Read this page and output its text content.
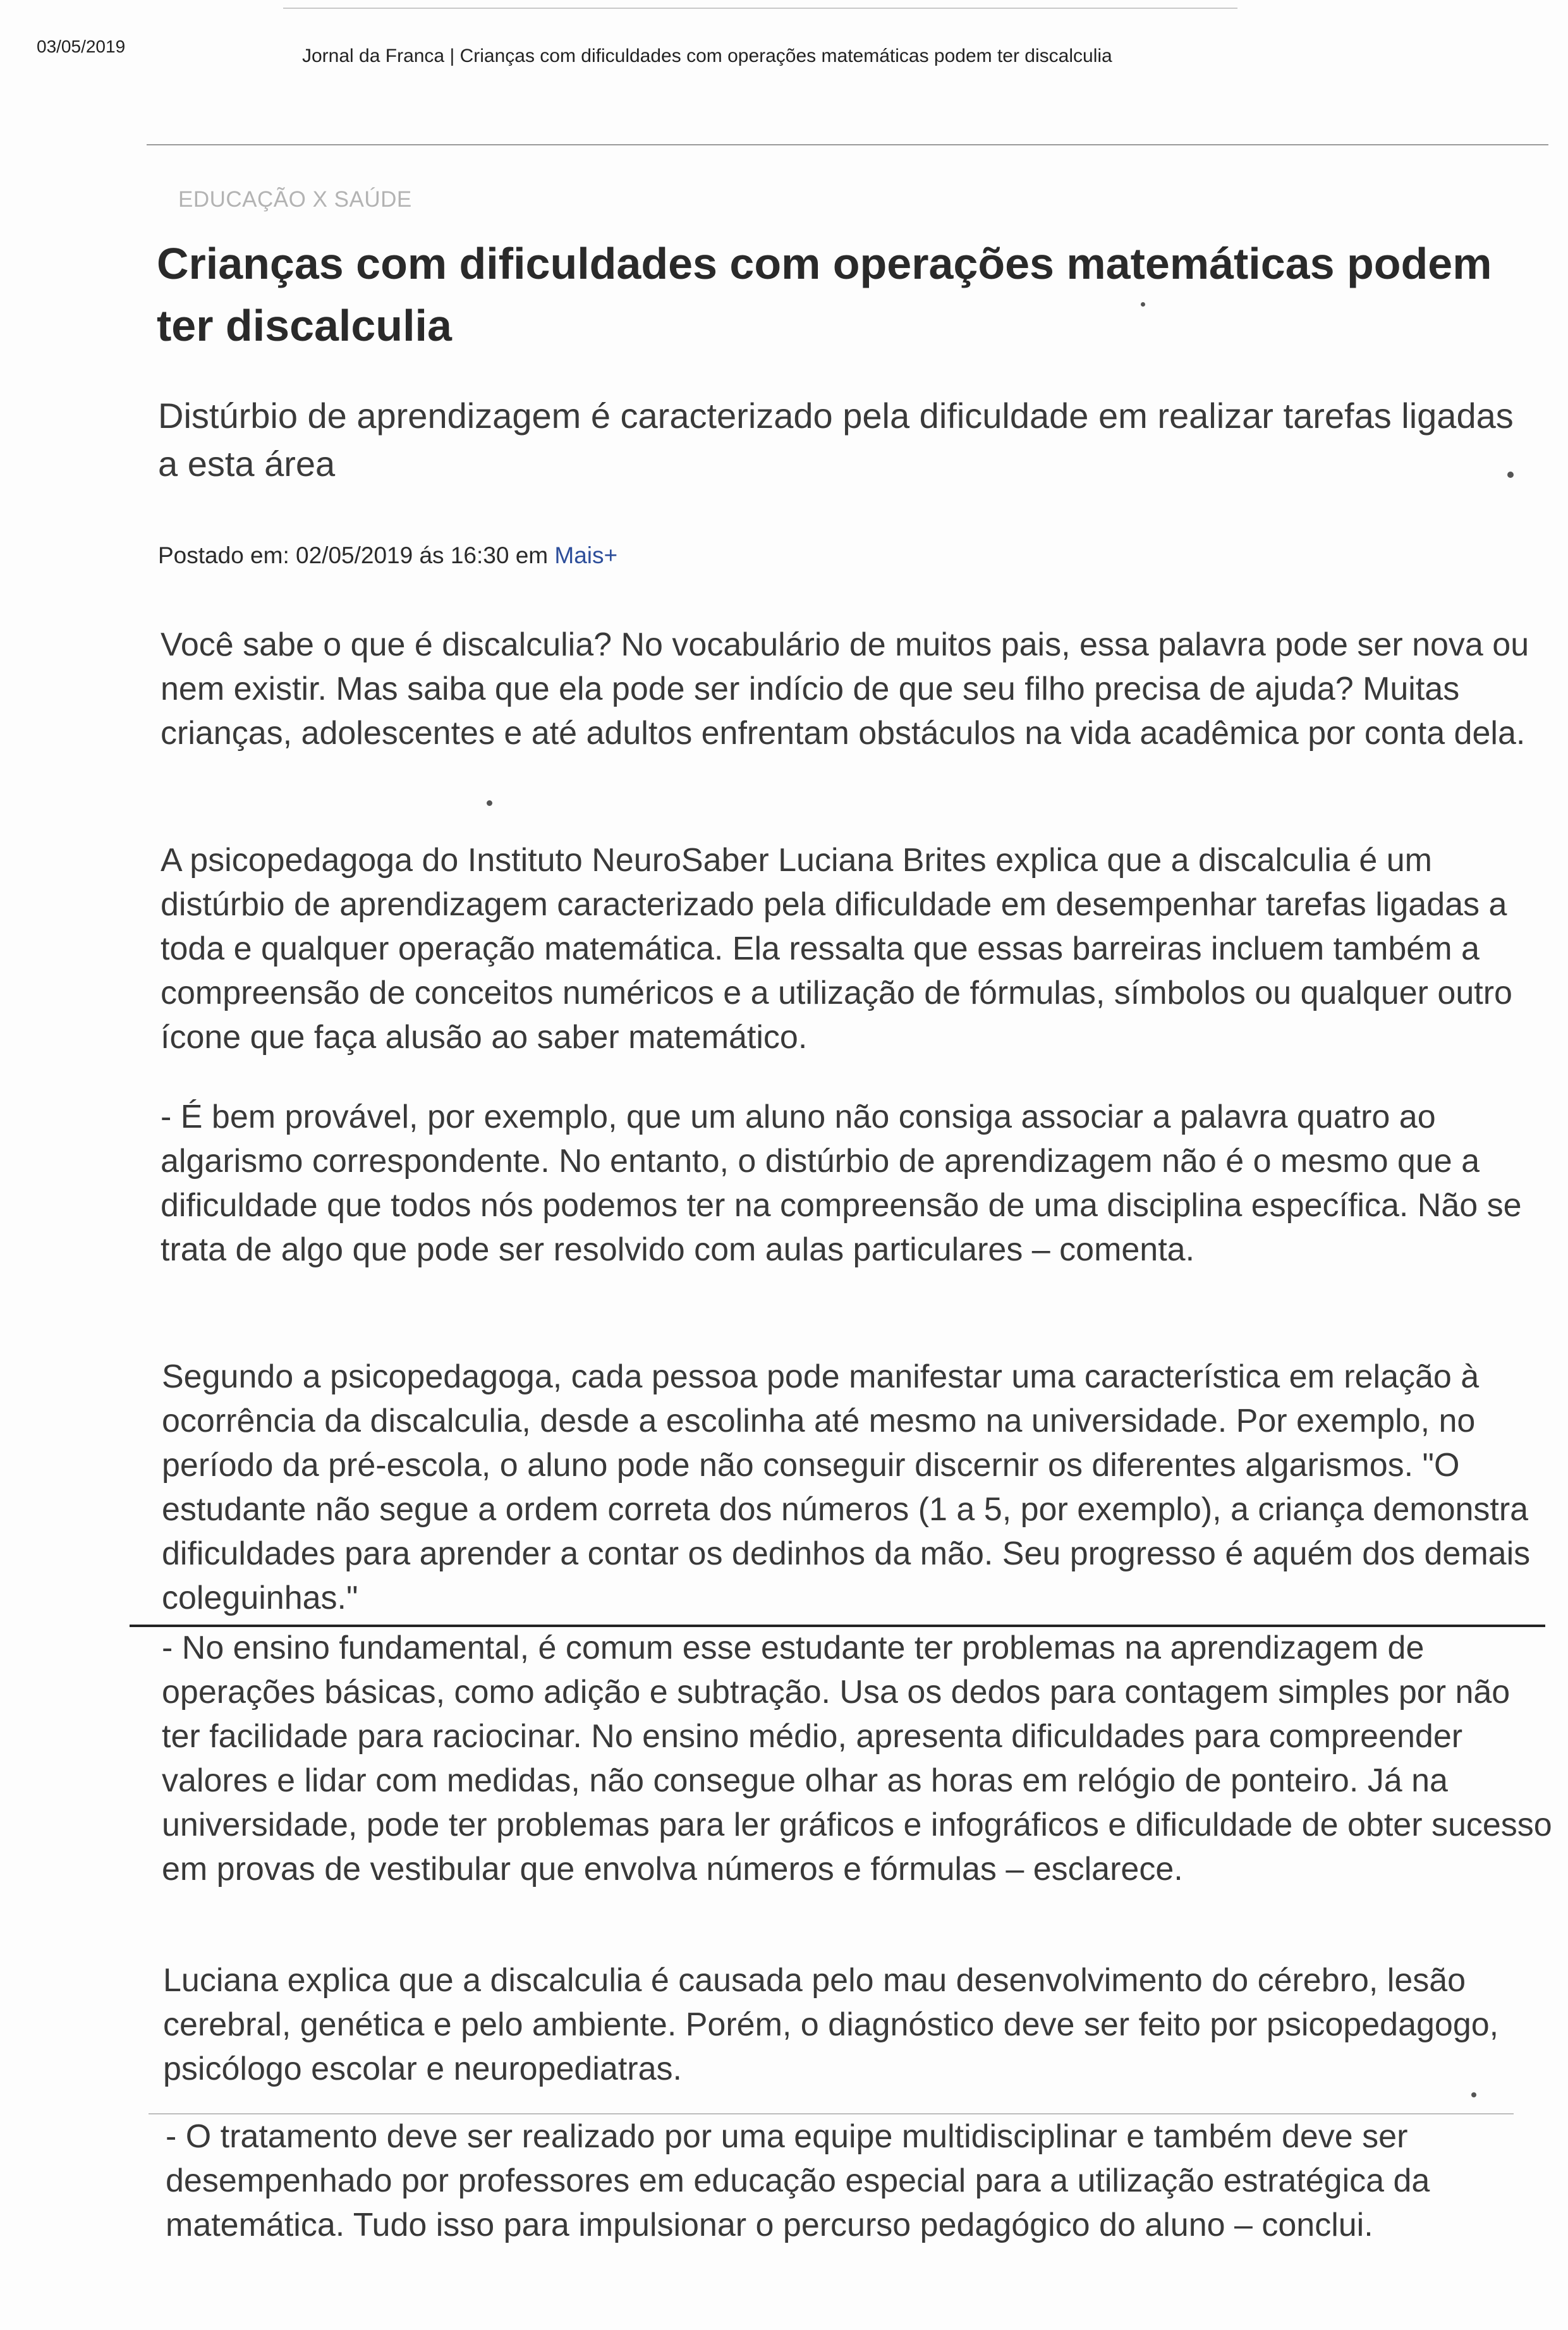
03/05/2019	Jornal da Franca | Crianças com dificuldades com operações matemáticas podem ter discalculia
EDUCAÇÃO X SAÚDE
Crianças com dificuldades com operações matemáticas podem ter discalculia
Distúrbio de aprendizagem é caracterizado pela dificuldade em realizar tarefas ligadas a esta área
Postado em: 02/05/2019 ás 16:30 em Mais+

Você sabe o que é discalculia? No vocabulário de muitos pais, essa palavra pode ser nova ou nem existir. Mas saiba que ela pode ser indício de que seu filho precisa de ajuda? Muitas crianças, adolescentes e até adultos enfrentam obstáculos na vida acadêmica por conta dela.

A psicopedagoga do Instituto NeuroSaber Luciana Brites explica que a discalculia é um distúrbio de aprendizagem caracterizado pela dificuldade em desempenhar tarefas ligadas a toda e qualquer operação matemática. Ela ressalta que essas barreiras incluem também a compreensão de conceitos numéricos e a utilização de fórmulas, símbolos ou qualquer outro ícone que faça alusão ao saber matemático.

- É bem provável, por exemplo, que um aluno não consiga associar a palavra quatro ao algarismo correspondente. No entanto, o distúrbio de aprendizagem não é o mesmo que a dificuldade que todos nós podemos ter na compreensão de uma disciplina específica. Não se trata de algo que pode ser resolvido com aulas particulares – comenta.

Segundo a psicopedagoga, cada pessoa pode manifestar uma característica em relação à ocorrência da discalculia, desde a escolinha até mesmo na universidade. Por exemplo, no período da pré-escola, o aluno pode não conseguir discernir os diferentes algarismos. "O estudante não segue a ordem correta dos números (1 a 5, por exemplo), a criança demonstra dificuldades para aprender a contar os dedinhos da mão. Seu progresso é aquém dos demais coleguinhas."

- No ensino fundamental, é comum esse estudante ter problemas na aprendizagem de operações básicas, como adição e subtração. Usa os dedos para contagem simples por não ter facilidade para raciocinar. No ensino médio, apresenta dificuldades para compreender valores e lidar com medidas, não consegue olhar as horas em relógio de ponteiro. Já na universidade, pode ter problemas para ler gráficos e infográficos e dificuldade de obter sucesso em provas de vestibular que envolva números e fórmulas – esclarece.

Luciana explica que a discalculia é causada pelo mau desenvolvimento do cérebro, lesão cerebral, genética e pelo ambiente. Porém, o diagnóstico deve ser feito por psicopedagogo, psicólogo escolar e neuropediatras.

- O tratamento deve ser realizado por uma equipe multidisciplinar e também deve ser desempenhado por professores em educação especial para a utilização estratégica da matemática. Tudo isso para impulsionar o percurso pedagógico do aluno – conclui.
